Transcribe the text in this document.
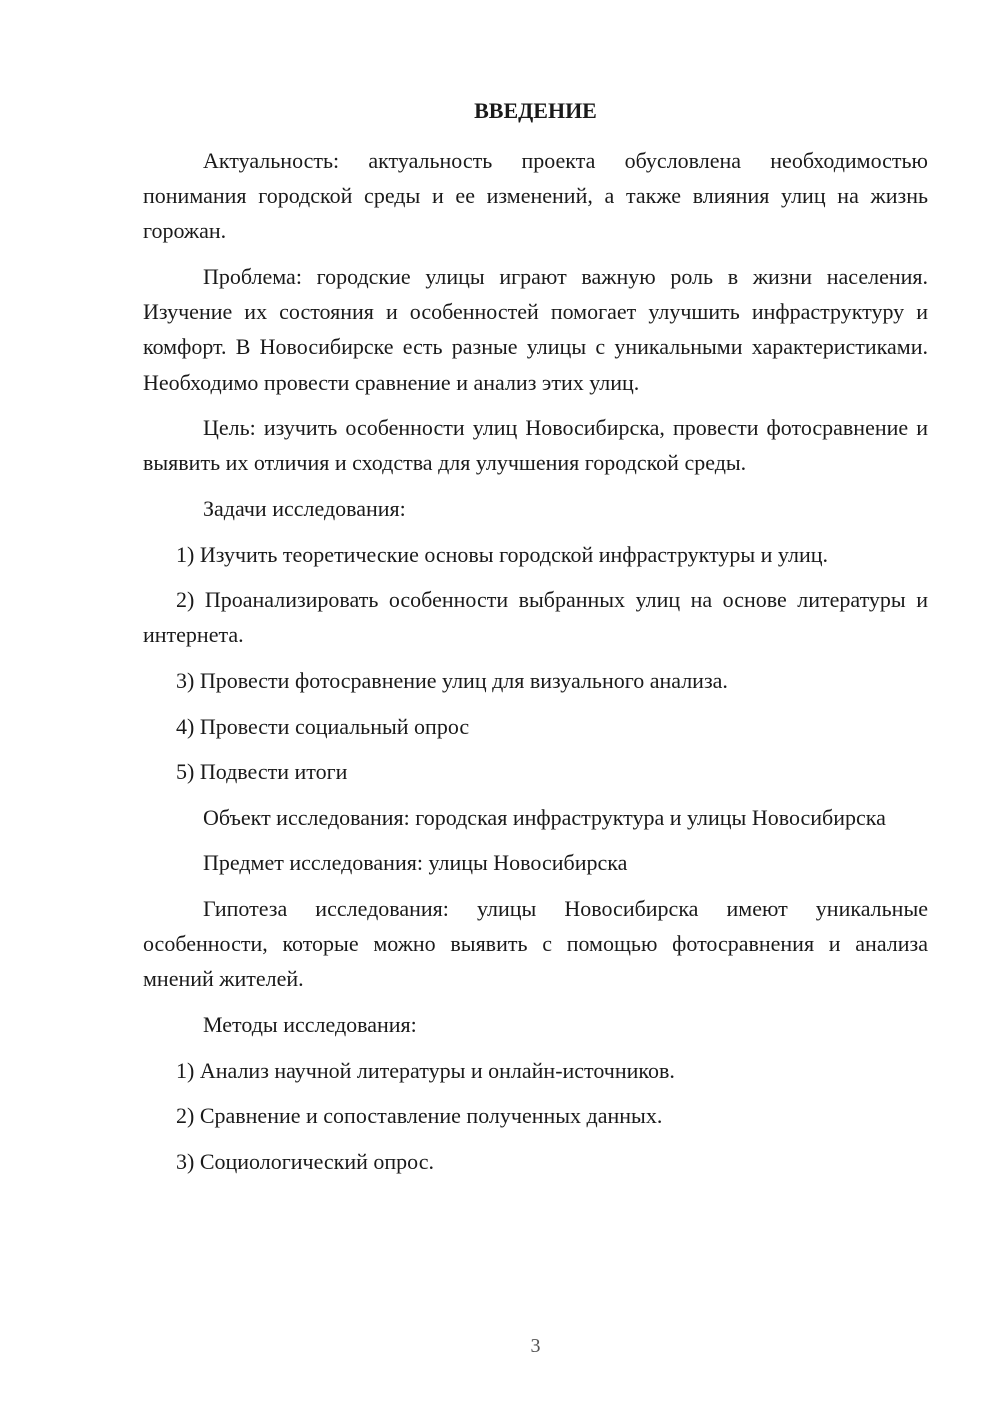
ВВЕДЕНИЕ

Актуальность: актуальность проекта обусловлена необходимостью понимания городской среды и ее изменений, а также влияния улиц на жизнь горожан.

Проблема: городские улицы играют важную роль в жизни населения. Изучение их состояния и особенностей помогает улучшить инфраструктуру и комфорт. В Новосибирске есть разные улицы с уникальными характеристиками. Необходимо провести сравнение и анализ этих улиц.

Цель: изучить особенности улиц Новосибирска, провести фотосравнение и выявить их отличия и сходства для улучшения городской среды.

Задачи исследования:

1) Изучить теоретические основы городской инфраструктуры и улиц.

2) Проанализировать особенности выбранных улиц на основе литературы и интернета.

3) Провести фотосравнение улиц для визуального анализа.

4) Провести социальный опрос

5) Подвести итоги

Объект исследования: городская инфраструктура и улицы Новосибирска

Предмет исследования: улицы Новосибирска

Гипотеза исследования: улицы Новосибирска имеют уникальные особенности, которые можно выявить с помощью фотосравнения и анализа мнений жителей.

Методы исследования:

1) Анализ научной литературы и онлайн-источников.

2) Сравнение и сопоставление полученных данных.

3) Социологический опрос.

3
